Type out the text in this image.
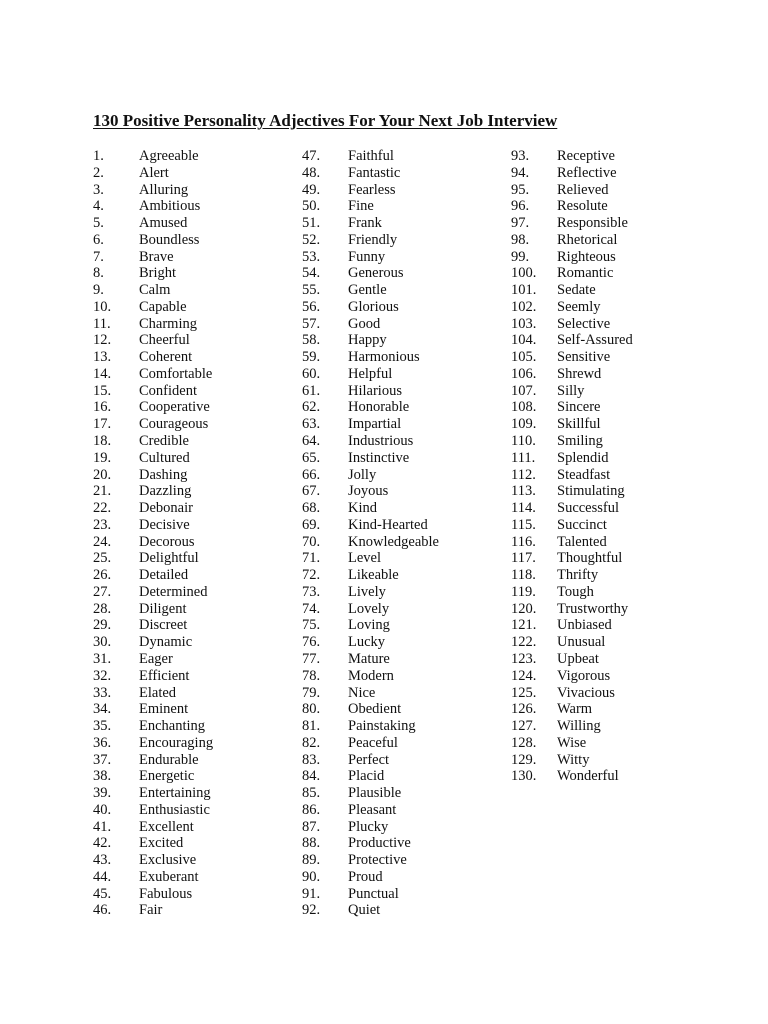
130 Positive Personality Adjectives For Your Next Job Interview
1. Agreeable
2. Alert
3. Alluring
4. Ambitious
5. Amused
6. Boundless
7. Brave
8. Bright
9. Calm
10. Capable
11. Charming
12. Cheerful
13. Coherent
14. Comfortable
15. Confident
16. Cooperative
17. Courageous
18. Credible
19. Cultured
20. Dashing
21. Dazzling
22. Debonair
23. Decisive
24. Decorous
25. Delightful
26. Detailed
27. Determined
28. Diligent
29. Discreet
30. Dynamic
31. Eager
32. Efficient
33. Elated
34. Eminent
35. Enchanting
36. Encouraging
37. Endurable
38. Energetic
39. Entertaining
40. Enthusiastic
41. Excellent
42. Excited
43. Exclusive
44. Exuberant
45. Fabulous
46. Fair
47. Faithful
48. Fantastic
49. Fearless
50. Fine
51. Frank
52. Friendly
53. Funny
54. Generous
55. Gentle
56. Glorious
57. Good
58. Happy
59. Harmonious
60. Helpful
61. Hilarious
62. Honorable
63. Impartial
64. Industrious
65. Instinctive
66. Jolly
67. Joyous
68. Kind
69. Kind-Hearted
70. Knowledgeable
71. Level
72. Likeable
73. Lively
74. Lovely
75. Loving
76. Lucky
77. Mature
78. Modern
79. Nice
80. Obedient
81. Painstaking
82. Peaceful
83. Perfect
84. Placid
85. Plausible
86. Pleasant
87. Plucky
88. Productive
89. Protective
90. Proud
91. Punctual
92. Quiet
93. Receptive
94. Reflective
95. Relieved
96. Resolute
97. Responsible
98. Rhetorical
99. Righteous
100. Romantic
101. Sedate
102. Seemly
103. Selective
104. Self-Assured
105. Sensitive
106. Shrewd
107. Silly
108. Sincere
109. Skillful
110. Smiling
111. Splendid
112. Steadfast
113. Stimulating
114. Successful
115. Succinct
116. Talented
117. Thoughtful
118. Thrifty
119. Tough
120. Trustworthy
121. Unbiased
122. Unusual
123. Upbeat
124. Vigorous
125. Vivacious
126. Warm
127. Willing
128. Wise
129. Witty
130. Wonderful
